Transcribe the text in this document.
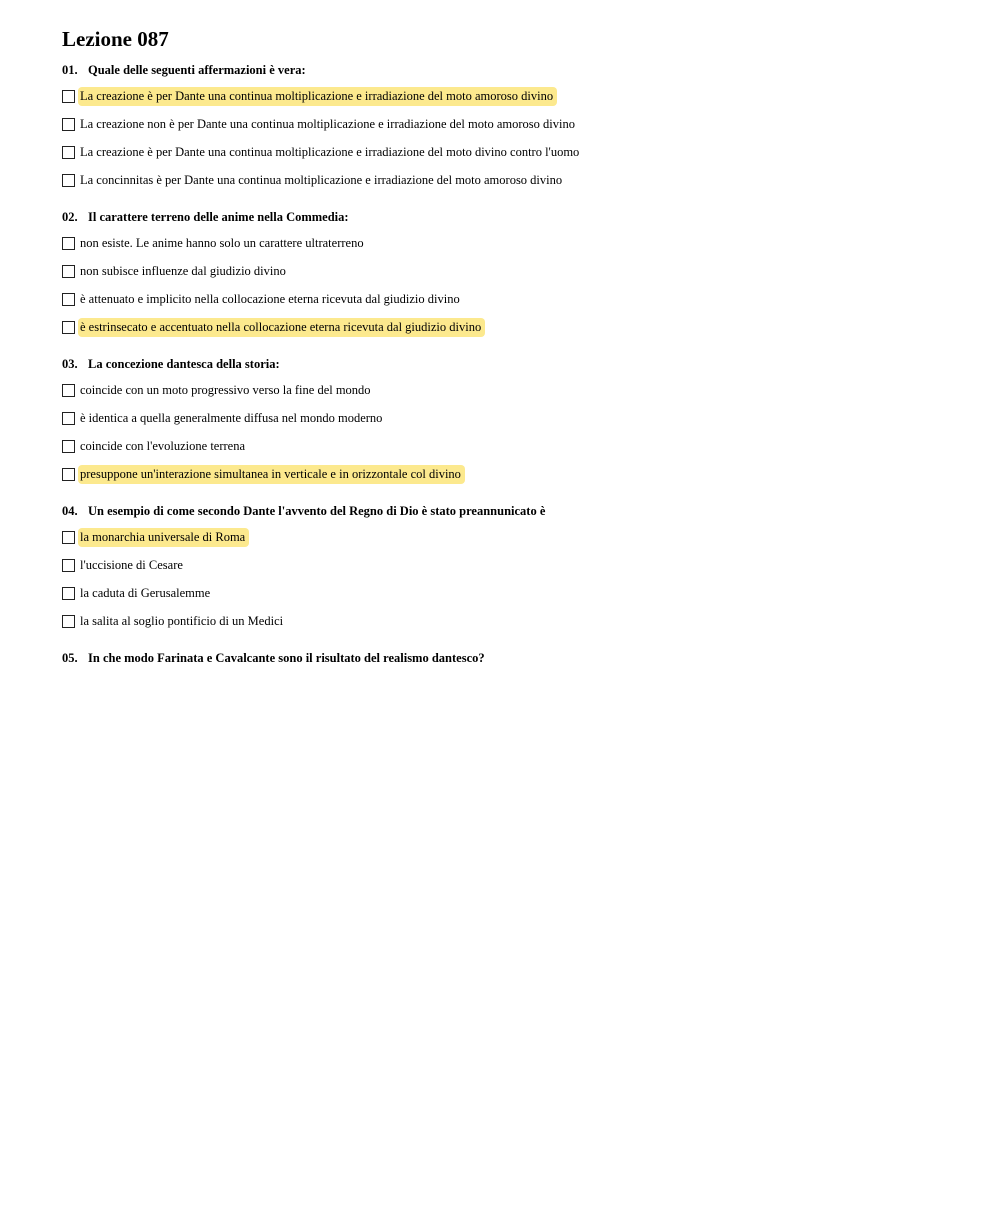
Lezione 087
01. Quale delle seguenti affermazioni è vera:
La creazione è per Dante una continua moltiplicazione e irradiazione del moto amoroso divino
La creazione non è per Dante una continua moltiplicazione e irradiazione del moto amoroso divino
La creazione è per Dante una continua moltiplicazione e irradiazione del moto divino contro l'uomo
La concinnitas è per Dante una continua moltiplicazione e irradiazione del moto amoroso divino
02. Il carattere terreno delle anime nella Commedia:
non esiste. Le anime hanno solo un carattere ultraterreno
non subisce influenze dal giudizio divino
è attenuato e implicito nella collocazione eterna ricevuta dal giudizio divino
è estrinsecato e accentuato nella collocazione eterna ricevuta dal giudizio divino
03. La concezione dantesca della storia:
coincide con un moto progressivo verso la fine del mondo
è identica a quella generalmente diffusa nel mondo moderno
coincide con l'evoluzione terrena
presuppone un'interazione simultanea in verticale e in orizzontale col divino
04. Un esempio di come secondo Dante l'avvento del Regno di Dio è stato preannunicato è
la monarchia universale di Roma
l'uccisione di Cesare
la caduta di Gerusalemme
la salita al soglio pontificio di un Medici
05. In che modo Farinata e Cavalcante sono il risultato del realismo dantesco?
